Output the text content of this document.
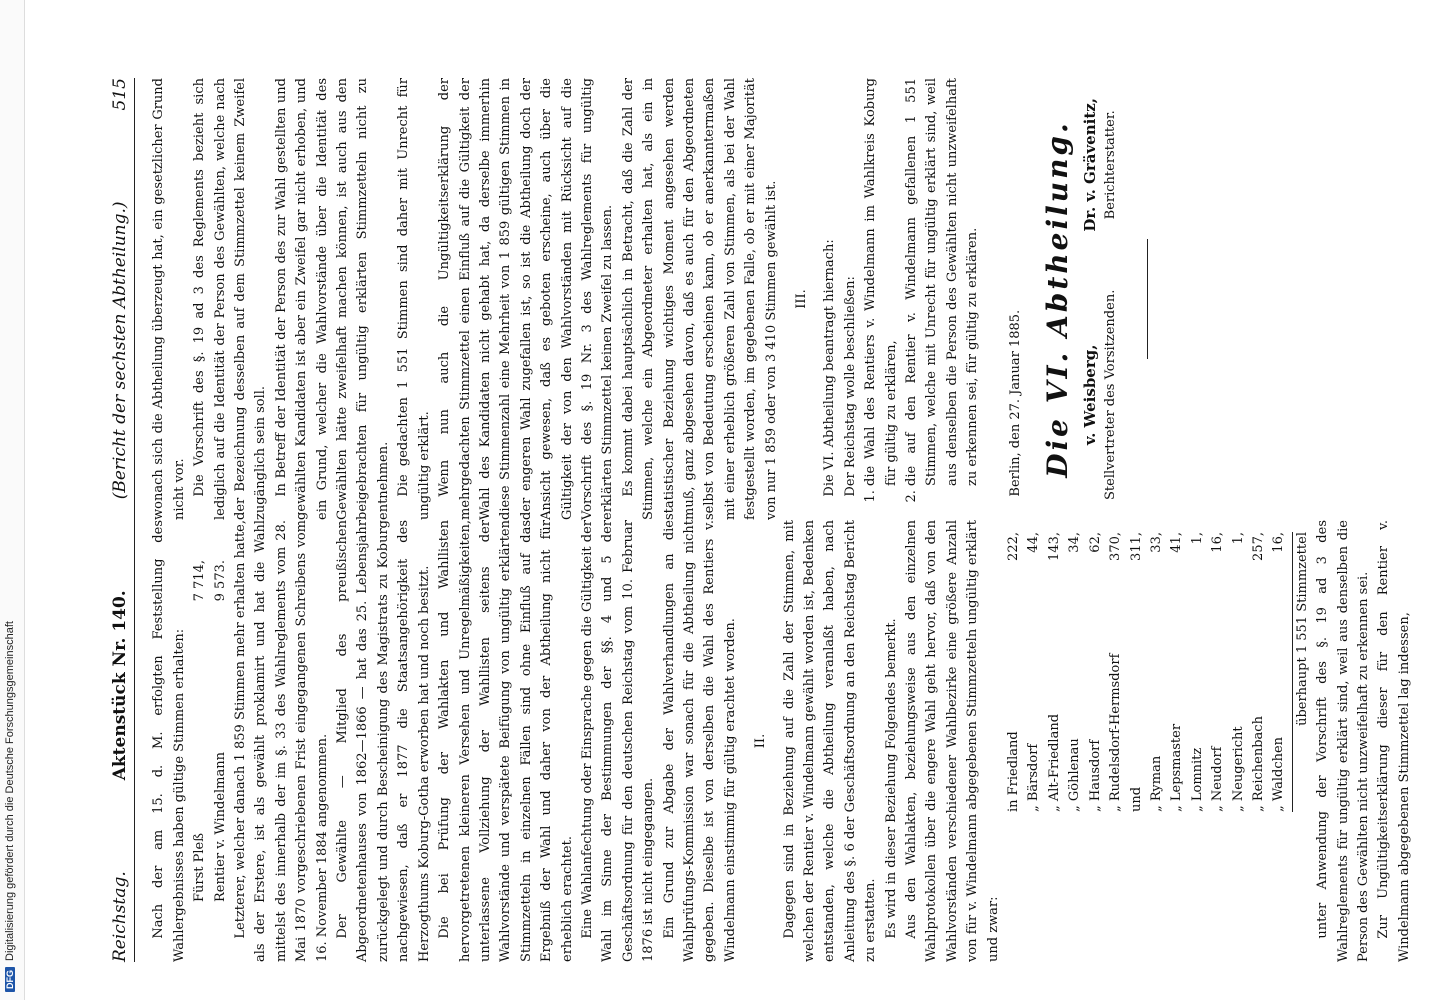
DFGDigitalisierung gefördert durch die Deutsche Forschungsgemeinschaft	Reichstag.
Aktenstück Nr. 140.
(Bericht der sechsten Abtheilung.)
515

Nach der am 15. d. M. erfolgten Feststellung des Wahlergebnisses haben gültige Stimmen erhalten: Fürst Pleß
7 714,
Rentier v. Windelmann
9 573. Letzterer, welcher danach 1 859 Stimmen mehr erhalten hatte, als der Erstere, ist als gewählt proklamirt und hat die Wahl mittelst des innerhalb der im §. 33 des Wahlreglements vom 28. Mai 1870 vorgeschriebenen Frist eingegangenen Schreibens vom 16. November 1884 angenommen. Der Gewählte — Mitglied des preußischen Abgeordnetenhauses von 1862—1866 — hat das 25. Lebensjahr zurückgelegt und durch Bescheinigung des Magistrats zu Koburg nachgewiesen, daß er 1877 die Staatsangehörigkeit des Herzogthums Koburg-Gotha erworben hat und noch besitzt. Die bei Prüfung der Wahlakten und Wahllisten hervorgetretenen kleineren Versehen und Unregelmäßigkeiten, unterlassene Vollziehung der Wahllisten seitens der Wahlvorstände und verspätete Beifügung von ungültig erklärten Stimmzetteln in einzelnen Fällen sind ohne Einfluß auf das Ergebniß der Wahl und daher von der Abtheilung nicht für erheblich erachtet. Eine Wahlanfechtung oder Einsprache gegen die Gültigkeit der Wahl im Sinne der Bestimmungen der §§. 4 und 5 der Geschäftsordnung für den deutschen Reichstag vom 10. Februar 1876 ist nicht eingegangen. Ein Grund zur Abgabe der Wahlverhandlungen an die Wahlprüfungs-Kommission war sonach für die Abtheilung nicht gegeben. Dieselbe ist von derselben die Wahl des Rentiers v. Windelmann einstimmig für gültig erachtet worden. II. Dagegen sind in Beziehung auf die Zahl der Stimmen, mit welchen der Rentier v. Windelmann gewählt worden ist, Bedenken entstanden, welche die Abtheilung veranlaßt haben, nach Anleitung des §. 6 der Geschäftsordnung an den Reichstag Bericht zu erstatten. Es wird in dieser Beziehung Folgendes bemerkt. Aus den Wahlakten, beziehungsweise aus den einzelnen Wahlprotokollen über die engere Wahl geht hervor, daß von den Wahlvorständen verschiedener Wahlbezirke eine größere Anzahl von für v. Windelmann abgegebenen Stimmzetteln ungültig erklärt und zwar:

in Friedland
222,
„ Bärsdorf
44,
„ Alt-Friedland
143,
„ Göhlenau
34,
„ Hausdorf
62,
„ Rudelsdorf-Hermsdorf
370,
und
311,
„ Ryman
33,
„ Lepsmaster
41,
„ Lomnitz
1,
„ Neudorf
16,
„ Neugericht
1,
„ Reichenbach
257,
„ Waldchen
16, überhaupt 1 551 Stimmzettel unter Anwendung der Vorschrift des §. 19 ad 3 des Wahlreglements für ungültig erklärt sind, weil aus denselben die Person des Gewählten nicht unzweifelhaft zu erkennen sei. Zur Ungültigkeitserklärung dieser für den Rentier v. Windelmann abgegebenen Stimmzettel lag indessen,

wonach sich die Abtheilung überzeugt hat, ein gesetzlicher Grund nicht vor. Die Vorschrift des §. 19 ad 3 des Reglements bezieht sich lediglich auf die Identität der Person des Gewählten, welche nach der Bezeichnung desselben auf dem Stimmzettel keinem Zweifel zugänglich sein soll. In Betreff der Identität der Person des zur Wahl gestellten und gewählten Kandidaten ist aber ein Zweifel gar nicht erhoben, und ein Grund, welcher die Wahlvorstände über die Identität des Gewählten hätte zweifelhaft machen können, ist auch aus den beigebrachten für ungültig erklärten Stimmzetteln nicht zu entnehmen. Die gedachten 1 551 Stimmen sind daher mit Unrecht für ungültig erklärt. Wenn nun auch die Ungültigkeitserklärung der mehrgedachten Stimmzettel einen Einfluß auf die Gültigkeit der Wahl des Kandidaten nicht gehabt hat, da derselbe immerhin diese Stimmenzahl eine Mehrheit von 1 859 gültigen Stimmen in der engeren Wahl zugefallen ist, so ist die Abtheilung doch der Ansicht gewesen, daß es geboten erscheine, auch über die Gültigkeit der von den Wahlvorständen mit Rücksicht auf die Vorschrift des §. 19 Nr. 3 des Wahlreglements für ungültig erklärten Stimmzettel keinen Zweifel zu lassen. Es kommt dabei hauptsächlich in Betracht, daß die Zahl der Stimmen, welche ein Abgeordneter erhalten hat, als ein in statistischer Beziehung wichtiges Moment angesehen werden muß, ganz abgesehen davon, daß es auch für den Abgeordneten selbst von Bedeutung erscheinen kann, ob er anerkanntermaßen mit einer erheblich größeren Zahl von Stimmen, als bei der Wahl festgestellt worden, im gegebenen Falle, ob er mit einer Majorität von nur 1 859 oder von 3 410 Stimmen gewählt ist. III. Die VI. Abtheilung beantragt hiernach: Der Reichstag wolle beschließen: 1. die Wahl des Rentiers v. Windelmann im Wahlkreis Koburg für gültig zu erklären, 2. die auf den Rentier v. Windelmann gefallenen 1 551 Stimmen, welche mit Unrecht für ungültig erklärt sind, weil aus denselben die Person des Gewählten nicht unzweifelhaft zu erkennen sei, für gültig zu erklären. Berlin, den 27. Januar 1885. Die VI. Abtheilung. v. Weisberg, Stellvertreter des Vorsitzenden.
Dr. v. Grävenitz, Berichterstatter.
